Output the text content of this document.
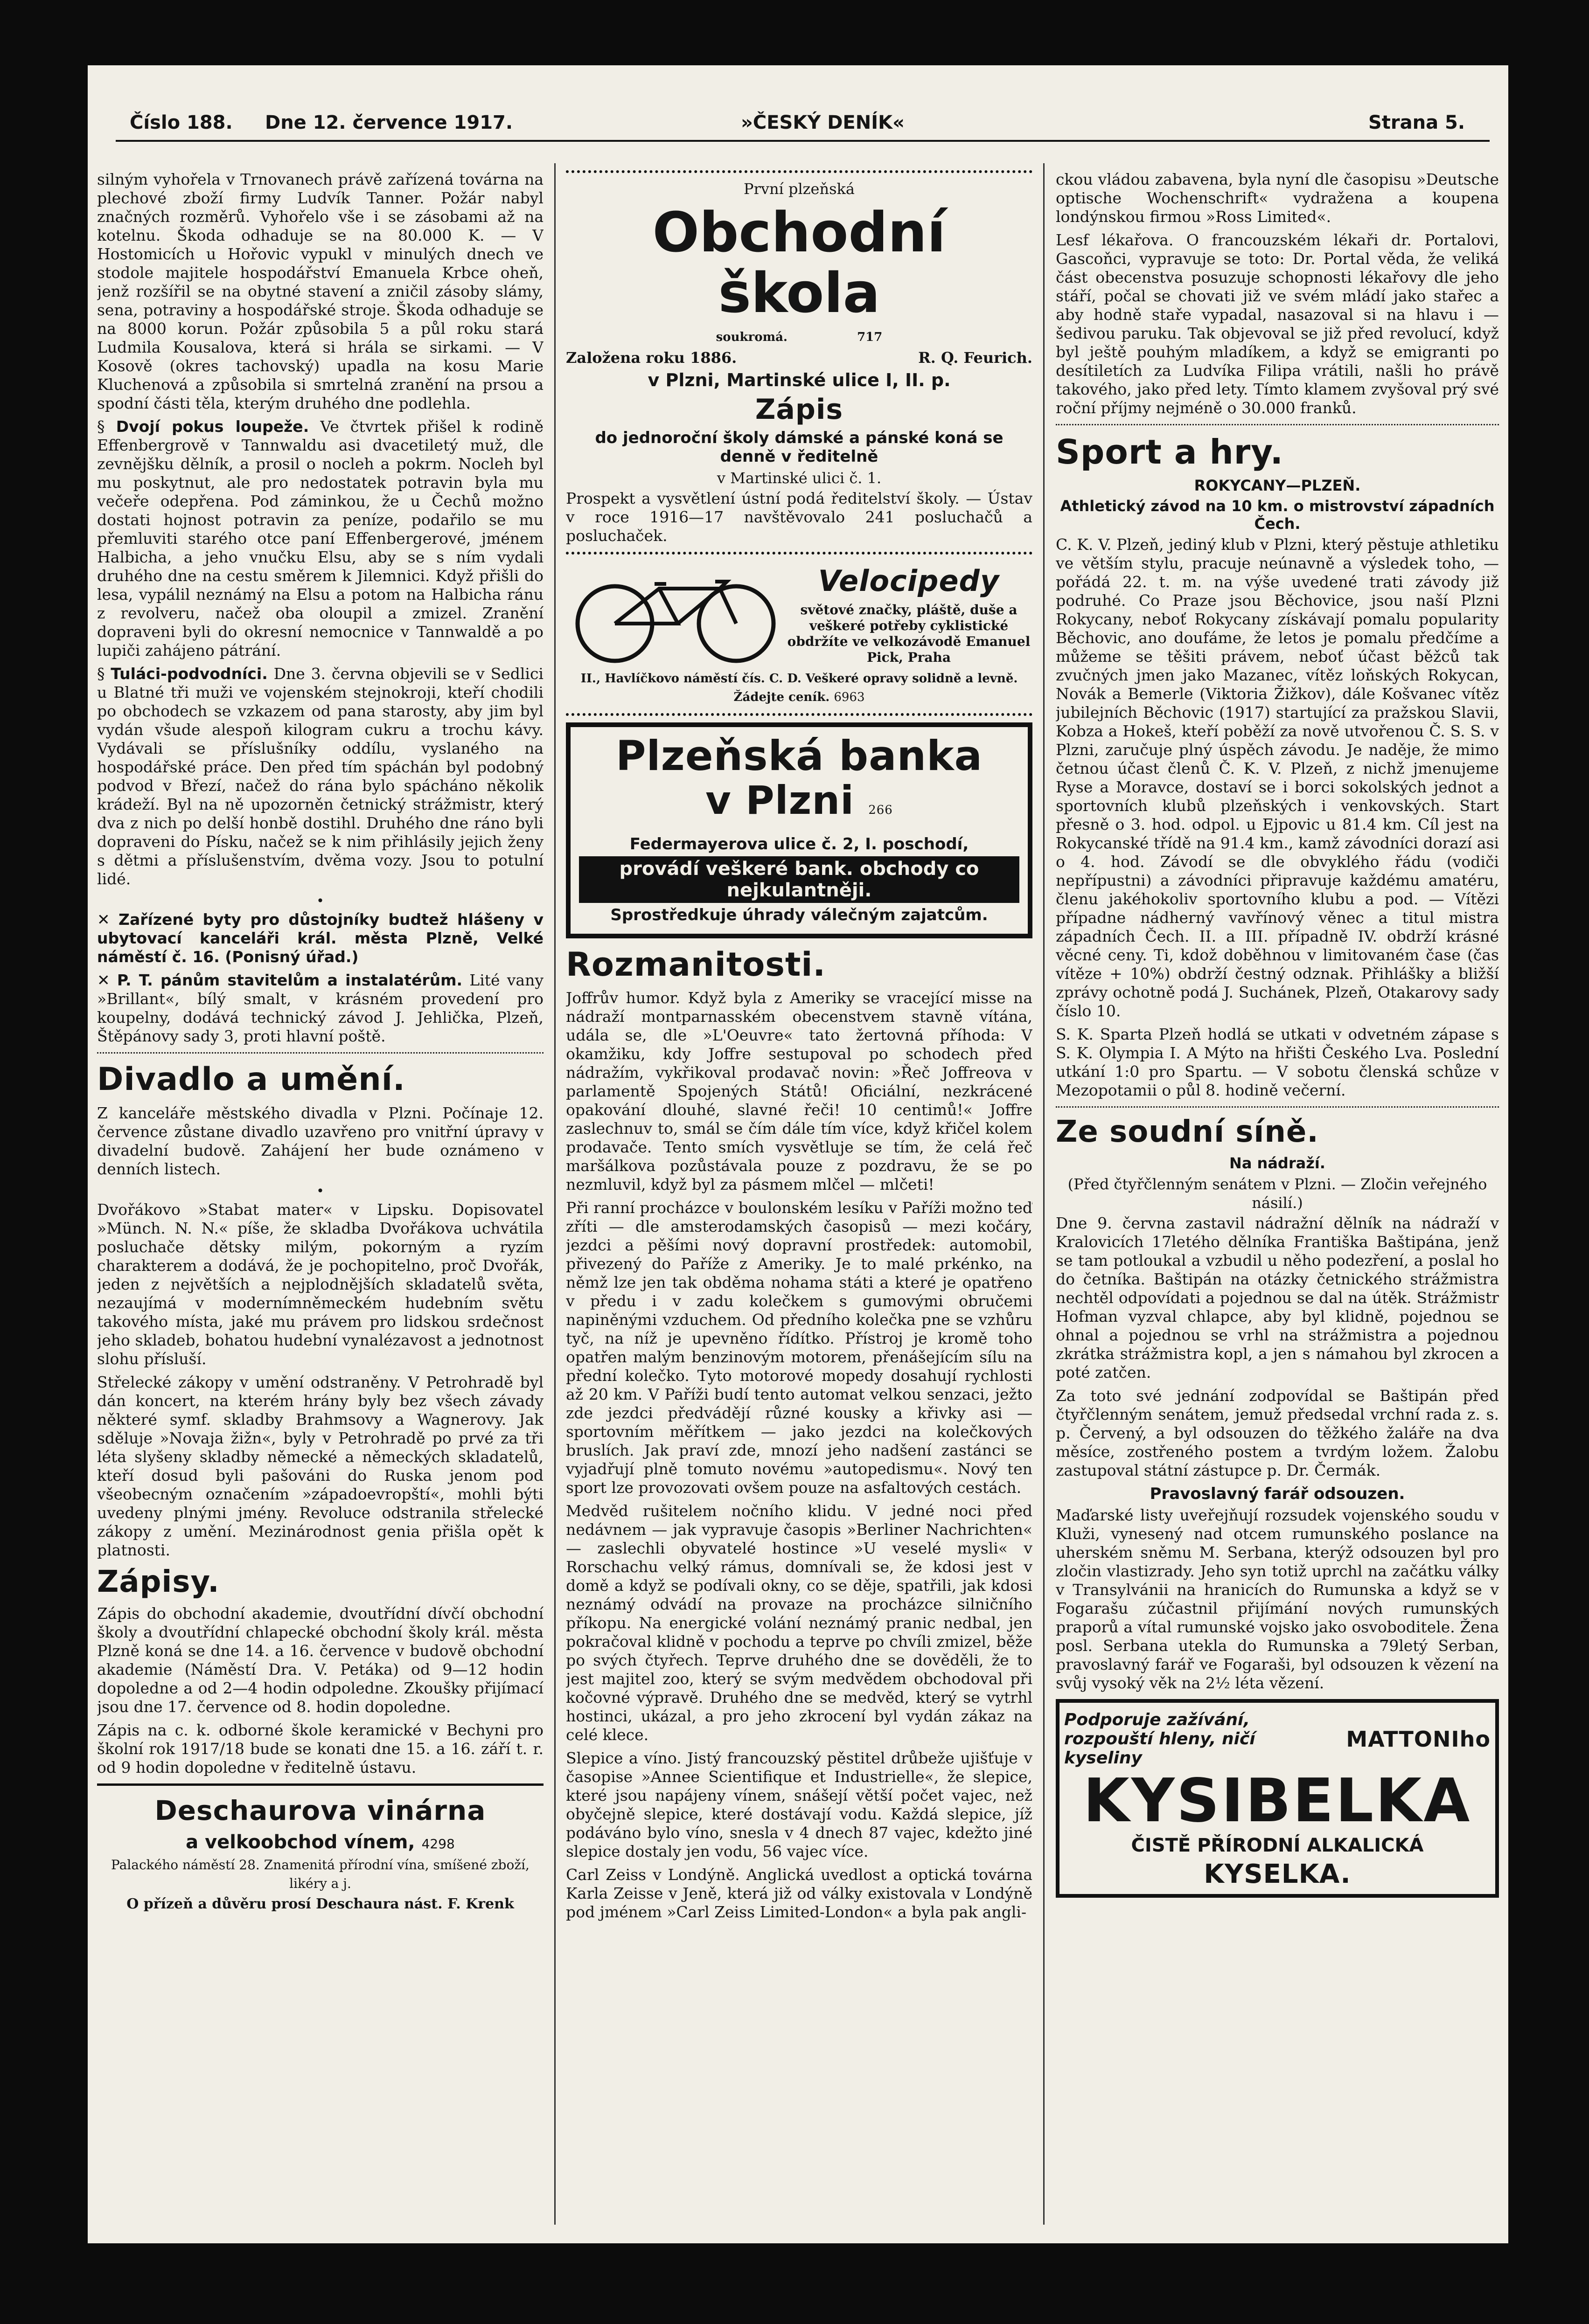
Číslo 188. Dne 12. července 1917.	»ČESKÝ DENÍK«	Strana 5.

silným vyhořela v Trnovanech právě zařízená továrna na plechové zboží firmy Ludvík Tanner. Požár nabyl značných rozměrů. Vyhořelo vše i se zásobami až na kotelnu. Škoda odhaduje se na 80.000 K. — V Hostomicích u Hořovic vypukl v minulých dnech ve stodole majitele hospodářství Emanuela Krbce oheň, jenž rozšířil se na obytné stavení a zničil zásoby slámy, sena, potraviny a hospodářské stroje. Škoda odhaduje se na 8000 korun. Požár způsobila 5 a půl roku stará Ludmila Kousalova, která si hrála se sirkami. — V Kosově (okres tachovský) upadla na kosu Marie Kluchenová a způsobila si smrtelná zranění na prsou a spodní části těla, kterým druhého dne podlehla.

§ Dvojí pokus loupeže. Ve čtvrtek přišel k rodině Effenbergrově v Tannwaldu asi dvacetiletý muž, dle zevnějšku dělník, a prosil o nocleh a pokrm. Nocleh byl mu poskytnut, ale pro nedostatek potravin byla mu večeře odepřena. Pod záminkou, že u Čechů možno dostati hojnost potravin za peníze, podařilo se mu přemluviti starého otce paní Effenbergerové, jménem Halbicha, a jeho vnučku Elsu, aby se s ním vydali druhého dne na cestu směrem k Jilemnici. Když přišli do lesa, vypálil neznámý na Elsu a potom na Halbicha ránu z revolveru, načež oba oloupil a zmizel. Zranění dopraveni byli do okresní nemocnice v Tannwaldě a po lupiči zahájeno pátrání.

§ Tuláci-podvodníci. Dne 3. června objevili se v Sedlici u Blatné tři muži ve vojenském stejnokroji, kteří chodili po obchodech se vzkazem od pana starosty, aby jim byl vydán všude alespoň kilogram cukru a trochu kávy. Vydávali se příslušníky oddílu, vyslaného na hospodářské práce. Den před tím spáchán byl podobný podvod v Březí, načež do rána bylo spácháno několik krádeží. Byl na ně upozorněn četnický strážmistr, který dva z nich po delší honbě dostihl. Druhého dne ráno byli dopraveni do Písku, načež se k nim přihlásily jejich ženy s dětmi a příslušenstvím, dvěma vozy. Jsou to potulní lidé.

•

✕ Zařízené byty pro důstojníky budtež hlášeny v ubytovací kanceláři král. města Plzně, Velké náměstí č. 16. (Ponisný úřad.)

✕ P. T. pánům stavitelům a instalatérům. Lité vany »Brillant«, bílý smalt, v krásném provedení pro koupelny, dodává technický závod J. Jehlička, Plzeň, Štěpánovy sady 3, proti hlavní poště.

Divadlo a umění.

Z kanceláře městského divadla v Plzni. Počínaje 12. července zůstane divadlo uzavřeno pro vnitřní úpravy v divadelní budově. Zahájení her bude oznámeno v denních listech.

•

Dvořákovo »Stabat mater« v Lipsku. Dopisovatel »Münch. N. N.« píše, že skladba Dvořákova uchvátila posluchače dětsky milým, pokorným a ryzím charakterem a dodává, že je pochopitelno, proč Dvořák, jeden z největších a nejplodnějších skladatelů světa, nezaujímá v modernímněmeckém hudebním světu takového místa, jaké mu právem pro lidskou srdečnost jeho skladeb, bohatou hudební vynalézavost a jednotnost slohu přísluší.

Střelecké zákopy v umění odstraněny. V Petrohradě byl dán koncert, na kterém hrány byly bez všech závady některé symf. skladby Brahmsovy a Wagnerovy. Jak sděluje »Novaja žižn«, byly v Petrohradě po prvé za tři léta slyšeny skladby německé a německých skladatelů, kteří dosud byli pašováni do Ruska jenom pod všeobecným označením »západoevropští«, mohli býti uvedeny plnými jmény. Revoluce odstranila střelecké zákopy z umění. Mezinárodnost genia přišla opět k platnosti.

Zápisy.

Zápis do obchodní akademie, dvoutřídní dívčí obchodní školy a dvoutřídní chlapecké obchodní školy král. města Plzně koná se dne 14. a 16. července v budově obchodní akademie (Náměstí Dra. V. Petáka) od 9—12 hodin dopoledne a od 2—4 hodin odpoledne. Zkoušky přijímací jsou dne 17. července od 8. hodin dopoledne.

Zápis na c. k. odborné škole keramické v Bechyni pro školní rok 1917/18 bude se konati dne 15. a 16. září t. r. od 9 hodin dopoledne v ředitelně ústavu.

Deschaurova vinárna
a velkoobchod vínem, 4298
Palackého náměstí 28. Znamenitá přírodní vína, smíšené zboží, likéry a j.
O přízeň a důvěru prosí Deschaura nást. F. Krenk
První plzeňská
Obchodní škola
soukromá.	717
Založena roku 1886.	R. Q. Feurich.
v Plzni, Martinské ulice I, II. p.
Zápis
do jednoroční školy dámské a pánské koná se denně v ředitelně
v Martinské ulici č. 1.

Prospekt a vysvětlení ústní podá ředitelství školy. — Ústav v roce 1916—17 navštěvovalo 241 posluchačů a posluchaček.

Velocipedy
světové značky, pláště, duše a veškeré potřeby cyklistické obdržíte ve velkozávodě Emanuel Pick, Praha
II., Havlíčkovo náměstí čís. C. D. Veškeré opravy solidně a levně. Žádejte ceník. 6963
Plzeňská banka
v Plzni 266
Federmayerova ulice č. 2, I. poschodí,
provádí veškeré bank. obchody co nejkulantněji.
Sprostředkuje úhrady válečným zajatcům.
Rozmanitosti.

Joffrův humor. Když byla z Ameriky se vracející misse na nádraží montparnasském obecenstvem stavně vítána, udála se, dle »L'Oeuvre« tato žertovná příhoda: V okamžiku, kdy Joffre sestupoval po schodech před nádražím, vykřikoval prodavač novin: »Řeč Joffreova v parlamentě Spojených Států! Oficiální, nezkrácené opakování dlouhé, slavné řeči! 10 centimů!« Joffre zaslechnuv to, smál se čím dále tím více, když křičel kolem prodavače. Tento smích vysvětluje se tím, že celá řeč maršálkova pozůstávala pouze z pozdravu, že se po nezmluvil, když byl za pásmem mlčel — mlčeti!

Při ranní procházce v boulonském lesíku v Paříži možno teď zříti — dle amsterodamských časopisů — mezi kočáry, jezdci a pěšími nový dopravní prostředek: automobil, přivezený do Paříže z Ameriky. Je to malé prkénko, na němž lze jen tak obděma nohama státi a které je opatřeno v předu i v zadu kolečkem s gumovými obručemi napiněnými vzduchem. Od předního kolečka pne se vzhůru tyč, na níž je upevněno řídítko. Přístroj je kromě toho opatřen malým benzinovým motorem, přenášejícím sílu na přední kolečko. Tyto motorové mopedy dosahují rychlosti až 20 km. V Paříži budí tento automat velkou senzaci, ježto zde jezdci předvádějí různé kousky a křivky asi — sportovním měřítkem — jako jezdci na kolečkových bruslích. Jak praví zde, mnozí jeho nadšení zastánci se vyjadřují plně tomuto novému »autopedismu«. Nový ten sport lze provozovati ovšem pouze na asfaltových cestách.

Medvěd rušitelem nočního klidu. V jedné noci před nedávnem — jak vypravuje časopis »Berliner Nachrichten« — zaslechli obyvatelé hostince »U veselé mysli« v Rorschachu velký rámus, domnívali se, že kdosi jest v domě a když se podívali okny, co se děje, spatřili, jak kdosi neznámý odvádí na provaze na procházce silničního příkopu. Na energické volání neznámý pranic nedbal, jen pokračoval klidně v pochodu a teprve po chvíli zmizel, běže po svých čtyřech. Teprve druhého dne se dověděli, že to jest majitel zoo, který se svým medvědem obchodoval při kočovné výpravě. Druhého dne se medvěd, který se vytrhl hostinci, ukázal, a pro jeho zkrocení byl vydán zákaz na celé klece.

Slepice a víno. Jistý francouzský pěstitel drůbeže ujišťuje v časopise »Annee Scientifique et Industrielle«, že slepice, které jsou napájeny vínem, snášejí větší počet vajec, než obyčejně slepice, které dostávají vodu. Každá slepice, jíž podáváno bylo víno, snesla v 4 dnech 87 vajec, kdežto jiné slepice dostaly jen vodu, 56 vajec více.

Carl Zeiss v Londýně. Anglická uvedlost a optická továrna Karla Zeisse v Jeně, která již od války existovala v Londýně pod jménem »Carl Zeiss Limited-London« a byla pak angli-

ckou vládou zabavena, byla nyní dle časopisu »Deutsche optische Wochenschrift« vydražena a koupena londýnskou firmou »Ross Limited«.

Lesf lékařova. O francouzském lékaři dr. Portalovi, Gascoňci, vypravuje se toto: Dr. Portal věda, že veliká část obecenstva posuzuje schopnosti lékařovy dle jeho stáří, počal se chovati již ve svém mládí jako stařec a aby hodně staře vypadal, nasazoval si na hlavu i — šedivou paruku. Tak objevoval se již před revolucí, když byl ještě pouhým mladíkem, a když se emigranti po desítiletích za Ludvíka Filipa vrátili, našli ho právě takového, jako před lety. Tímto klamem zvyšoval prý své roční příjmy nejméně o 30.000 franků.

Sport a hry.
ROKYCANY—PLZEŇ.
Athletický závod na 10 km. o mistrovství západních Čech.

C. K. V. Plzeň, jediný klub v Plzni, který pěstuje athletiku ve větším stylu, pracuje neúnavně a výsledek toho, — pořádá 22. t. m. na výše uvedené trati závody již podruhé. Co Praze jsou Běchovice, jsou naší Plzni Rokycany, neboť Rokycany získávají pomalu popularity Běchovic, ano doufáme, že letos je pomalu předčíme a můžeme se těšiti právem, neboť účast běžců tak zvučných jmen jako Mazanec, vítěz loňských Rokycan, Novák a Bemerle (Viktoria Žižkov), dále Košvanec vítěz jubilejních Běchovic (1917) startující za pražskou Slavii, Kobza a Hokeš, kteří poběží za nově utvořenou Č. S. S. v Plzni, zaručuje plný úspěch závodu. Je naděje, že mimo četnou účast členů Č. K. V. Plzeň, z nichž jmenujeme Ryse a Moravce, dostaví se i borci sokolských jednot a sportovních klubů plzeňských i venkovských. Start přesně o 3. hod. odpol. u Ejpovic u 81.4 km. Cíl jest na Rokycanské třídě na 91.4 km., kamž závodníci dorazí asi o 4. hod. Závodí se dle obvyklého řádu (vodiči nepřípustni) a závodníci připravuje každému amatéru, členu jakéhokoliv sportovního klubu a pod. — Vítězi případne nádherný vavřínový věnec a titul mistra západních Čech. II. a III. případně IV. obdrží krásné věcné ceny. Ti, kdož doběhnou v limitovaném čase (čas vítěze + 10%) obdrží čestný odznak. Přihlášky a bližší zprávy ochotně podá J. Suchánek, Plzeň, Otakarovy sady číslo 10.

S. K. Sparta Plzeň hodlá se utkati v odvetném zápase s S. K. Olympia I. A Mýto na hřišti Českého Lva. Poslední utkání 1:0 pro Spartu. — V sobotu členská schůze v Mezopotamii o půl 8. hodině večerní.

Ze soudní síně.
Na nádraží.
(Před čtyřčlenným senátem v Plzni. — Zločin veřejného násilí.)

Dne 9. června zastavil nádražní dělník na nádraží v Kralovicích 17letého dělníka Františka Baštipána, jenž se tam potloukal a vzbudil u něho podezření, a poslal ho do četníka. Baštipán na otázky četnického strážmistra nechtěl odpovídati a pojednou se dal na útěk. Strážmistr Hofman vyzval chlapce, aby byl klidně, pojednou se ohnal a pojednou se vrhl na strážmistra a pojednou zkrátka strážmistra kopl, a jen s námahou byl zkrocen a poté zatčen.

Za toto své jednání zodpovídal se Baštipán před čtyřčlenným senátem, jemuž předsedal vrchní rada z. s. p. Červený, a byl odsouzen do těžkého žaláře na dva měsíce, zostřeného postem a tvrdým ložem. Žalobu zastupoval státní zástupce p. Dr. Čermák.

Pravoslavný farář odsouzen.

Maďarské listy uveřejňují rozsudek vojenského soudu v Kluži, vynesený nad otcem rumunského poslance na uherském sněmu M. Serbana, kterýž odsouzen byl pro zločin vlastizrady. Jeho syn totiž uprchl na začátku války v Transylvánii na hranicích do Rumunska a když se v Fogarašu zúčastnil přijímání nových rumunských praporů a vítal rumunské vojsko jako osvoboditele. Žena posl. Serbana utekla do Rumunska a 79letý Serban, pravoslavný farář ve Fogaraši, byl odsouzen k vězení na svůj vysoký věk na 2½ léta vězení.

Podporuje zažívání, rozpouští hleny, ničí kyseliny
MATTONIho
KYSIBELKA
ČISTĚ PŘÍRODNÍ ALKALICKÁ
KYSELKA.
